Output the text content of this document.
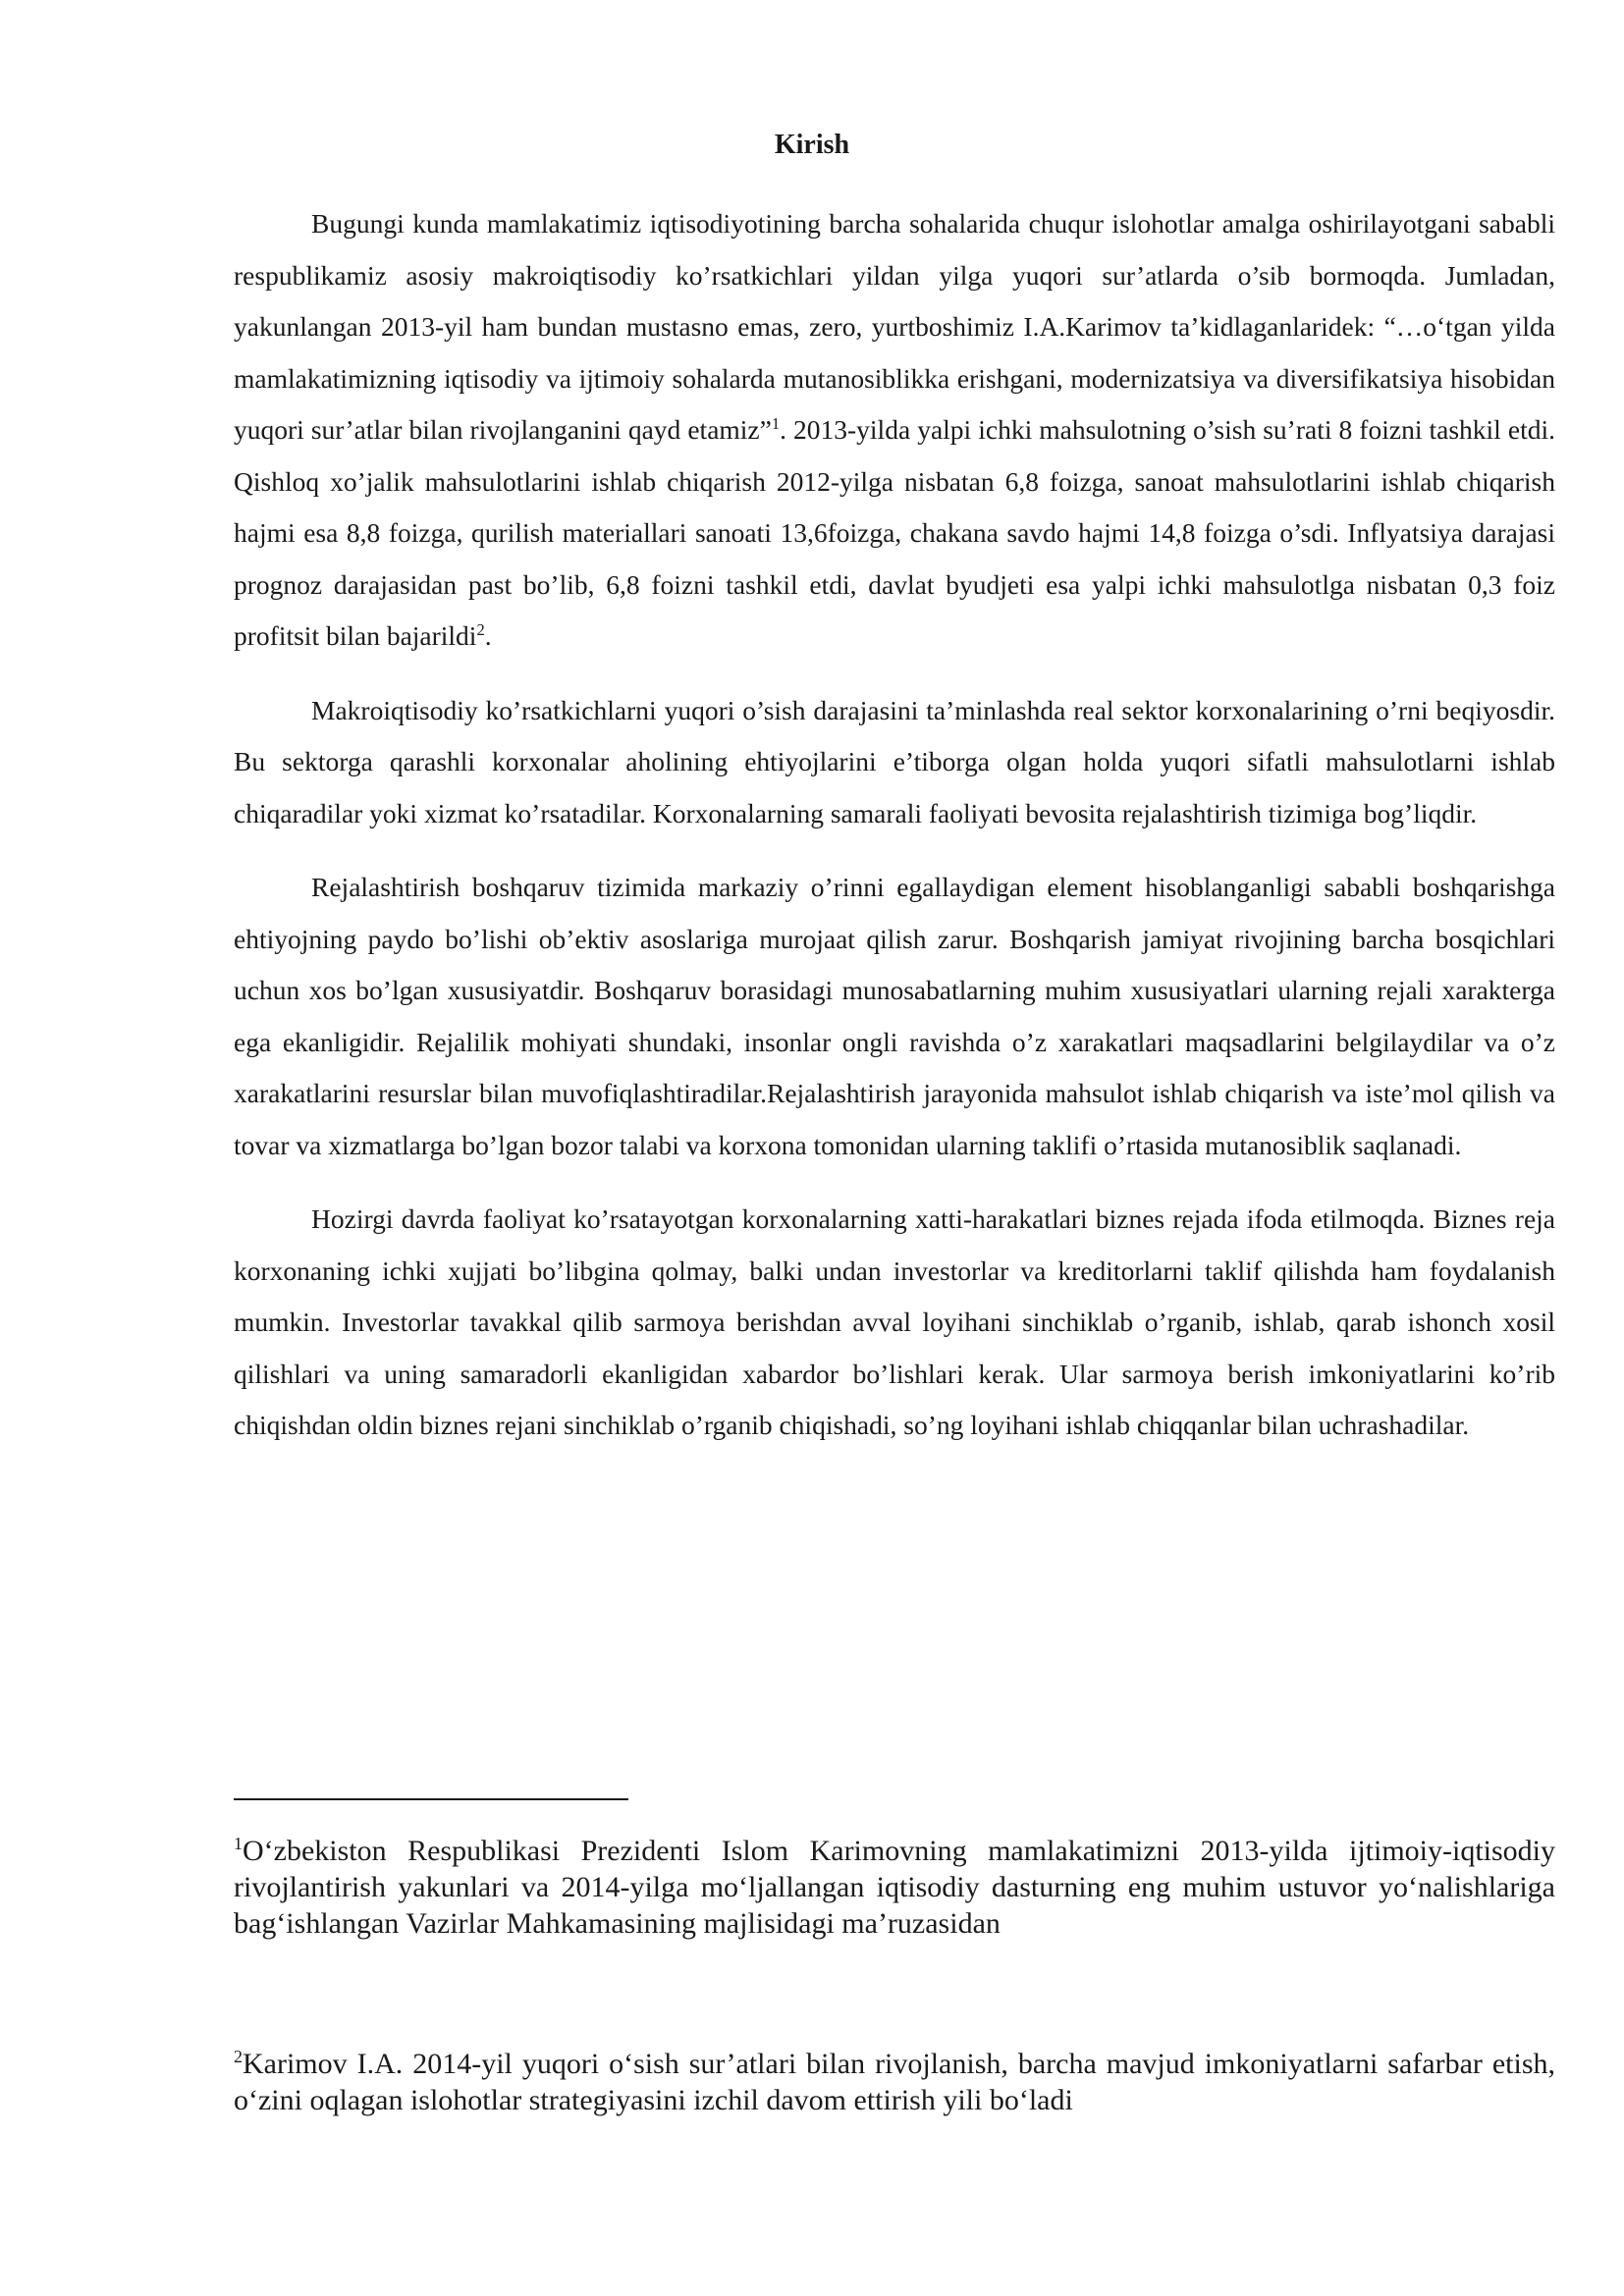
Kirish

Bugungi kunda mamlakatimiz iqtisodiyotining barcha sohalarida chuqur islohotlar amalga oshirilayotgani sababli respublikamiz asosiy makroiqtisodiy ko’rsatkichlari yildan yilga yuqori sur’atlarda o’sib bormoqda. Jumladan, yakunlangan 2013-yil ham bundan mustasno emas, zero, yurtboshimiz I.A.Karimov ta’kidlaganlaridek: “…o‘tgan yilda mamlakatimizning iqtisodiy va ijtimoiy sohalarda mutanosiblikka erishgani, modernizatsiya va diversifikatsiya hisobidan yuqori sur’atlar bilan rivojlanganini qayd etamiz”$^1$. 2013-yilda yalpi ichki mahsulotning o’sish su’rati 8 foizni tashkil etdi. Qishloq xo’jalik mahsulotlarini ishlab chiqarish 2012-yilga nisbatan 6,8 foizga, sanoat mahsulotlarini ishlab chiqarish hajmi esa 8,8 foizga, qurilish materiallari sanoati 13,6foizga, chakana savdo hajmi 14,8 foizga o’sdi. Inflyatsiya darajasi prognoz darajasidan past bo’lib, 6,8 foizni tashkil etdi, davlat byudjeti esa yalpi ichki mahsulotlga nisbatan 0,3 foiz profitsit bilan bajarildi$^2$.

Makroiqtisodiy ko’rsatkichlarni yuqori o’sish darajasini ta’minlashda real sektor korxonalarining o’rni beqiyosdir. Bu sektorga qarashli korxonalar aholining ehtiyojlarini e’tiborga olgan holda yuqori sifatli mahsulotlarni ishlab chiqaradilar yoki xizmat ko’rsatadilar. Korxonalarning samarali faoliyati bevosita rejalashtirish tizimiga bog’liqdir.

Rejalashtirish boshqaruv tizimida markaziy o’rinni egallaydigan element hisoblanganligi sababli boshqarishga ehtiyojning paydo bo’lishi ob’ektiv asoslariga murojaat qilish zarur. Boshqarish jamiyat rivojining barcha bosqichlari uchun xos bo’lgan xususiyatdir. Boshqaruv borasidagi munosabatlarning muhim xususiyatlari ularning rejali xarakterga ega ekanligidir. Rejalilik mohiyati shundaki, insonlar ongli ravishda o’z xarakatlari maqsadlarini belgilaydilar va o’z xarakatlarini resurslar bilan muvofiqlashtiradilar.Rejalashtirish jarayonida mahsulot ishlab chiqarish va iste’mol qilish va tovar va xizmatlarga bo’lgan bozor talabi va korxona tomonidan ularning taklifi o’rtasida mutanosiblik saqlanadi.

Hozirgi davrda faoliyat ko’rsatayotgan korxonalarning xatti-harakatlari biznes rejada ifoda etilmoqda. Biznes reja korxonaning ichki xujjati bo’libgina qolmay, balki undan investorlar va kreditorlarni taklif qilishda ham foydalanish mumkin. Investorlar tavakkal qilib sarmoya berishdan avval loyihani sinchiklab o’rganib, ishlab, qarab ishonch xosil qilishlari va uning samaradorli ekanligidan xabardor bo’lishlari kerak. Ular sarmoya berish imkoniyatlarini ko’rib chiqishdan oldin biznes rejani sinchiklab o’rganib chiqishadi, so’ng loyihani ishlab chiqqanlar bilan uchrashadilar.

$^1$O‘zbekiston Respublikasi Prezidenti Islom Karimovning mamlakatimizni 2013-yilda ijtimoiy-iqtisodiy rivojlantirish yakunlari va 2014-yilga mo‘ljallangan iqtisodiy dasturning eng muhim ustuvor yo‘nalishlariga bag‘ishlangan Vazirlar Mahkamasining majlisidagi ma’ruzasidan

$^2$Karimov I.A. 2014-yil yuqori o‘sish sur’atlari bilan rivojlanish, barcha mavjud imkoniyatlarni safarbar etish, o‘zini oqlagan islohotlar strategiyasini izchil davom ettirish yili bo‘ladi
